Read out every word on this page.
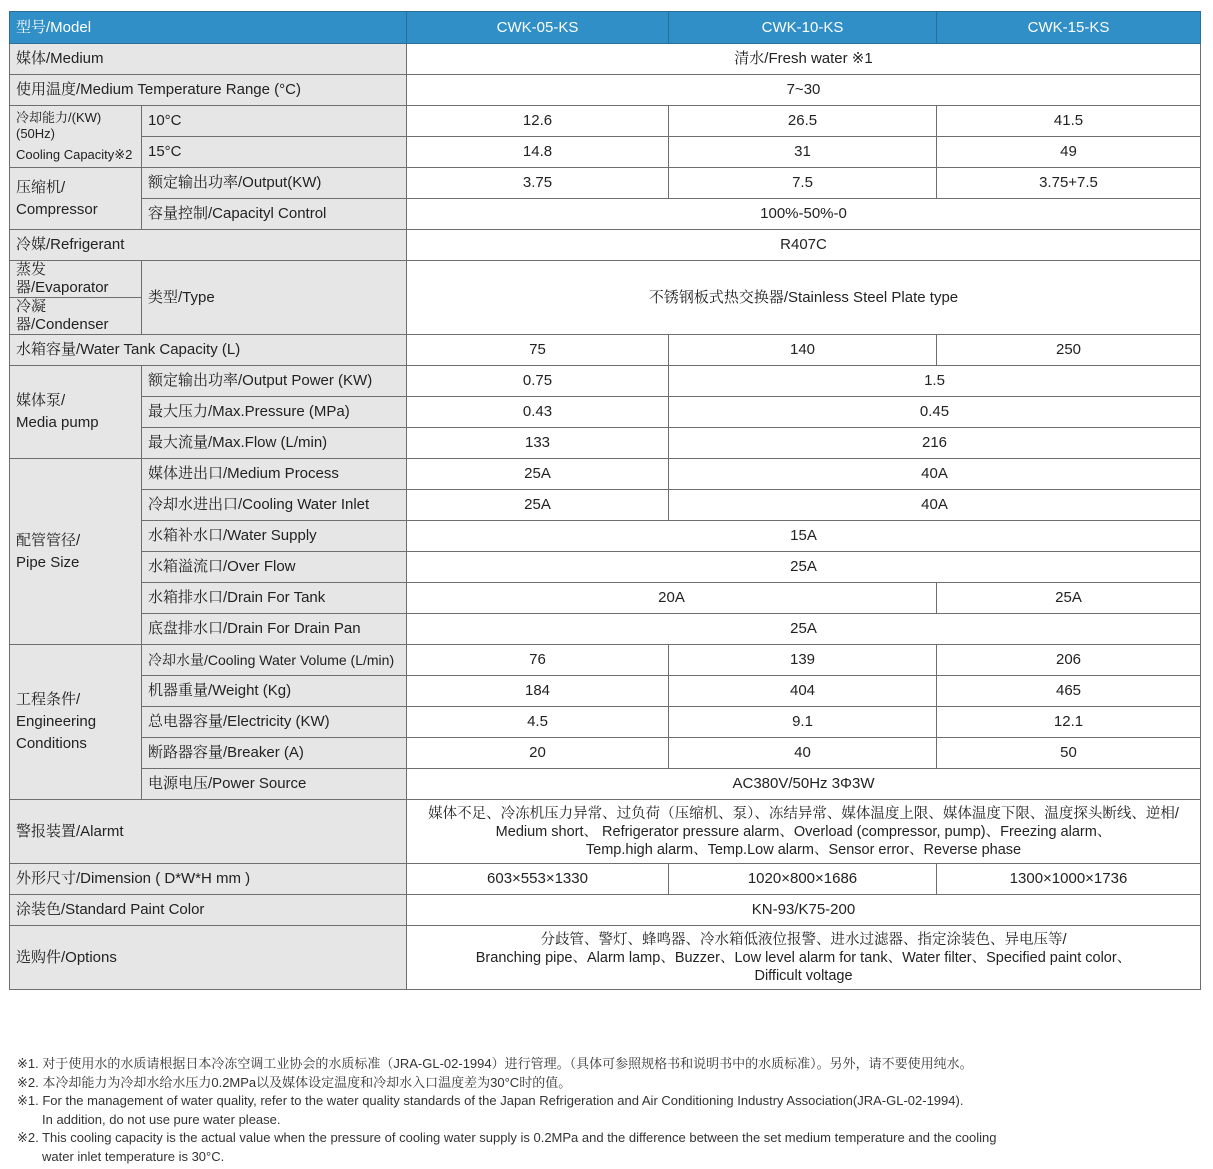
型号/Model		CWK-05-KS	CWK-10-KS	CWK-15-KS
媒体/Medium		清水/Fresh water ※1		
使用温度/Medium Temperature Range (°C)		7~30		

冷却能力/(KW)(50Hz)
Cooling Capacity※2	10°C	12.6	26.5	41.5
	15°C	14.8	31	49

压缩机/
Compressor	额定输出功率/Output(KW)	3.75	7.5	3.75+7.5
	容量控制/Capacityl Control	100%-50%-0		
冷媒/Refrigerant		R407C		
蒸发器/Evaporator	类型/Type	不锈钢板式热交换器/Stainless Steel Plate type		
冷凝器/Condenser				
水箱容量/Water Tank Capacity (L)		75	140	250

媒体泵/
Media pump	额定输出功率/Output Power (KW)	0.75	1.5	
	最大压力/Max.Pressure (MPa)	0.43	0.45	
	最大流量/Max.Flow (L/min)	133	216	

配管管径/
Pipe Size	媒体进出口/Medium Process	25A	40A	
	冷却水进出口/Cooling Water Inlet	25A	40A	
	水箱补水口/Water Supply	15A		
	水箱溢流口/Over Flow	25A		
	水箱排水口/Drain For Tank	20A		25A
	底盘排水口/Drain For Drain Pan	25A		

工程条件/
Engineering
Conditions	冷却水量/Cooling Water Volume (L/min)	76	139	206
	机器重量/Weight (Kg)	184	404	465
	总电器容量/Electricity (KW)	4.5	9.1	12.1
	断路器容量/Breaker (A)	20	40	50
	电源电压/Power Source	AC380V/50Hz 3Φ3W		
警报装置/Alarmt		媒体不足、冷冻机压力异常、过负荷（压缩机、泵）、冻结异常、媒体温度上限、媒体温度下限、温度探头断线、逆相/
Medium short、 Refrigerator pressure alarm、Overload (compressor, pump)、Freezing alarm、
Temp.high alarm、Temp.Low alarm、Sensor error、Reverse phase		

外形尺寸/Dimension ( D*W*H mm )		603×553×1330	1020×800×1686	1300×1000×1736
涂装色/Standard Paint Color		KN-93/K75-200		
选购件/Options		分歧管、警灯、蜂鸣器、冷水箱低液位报警、进水过滤器、指定涂装色、异电压等/
Branching pipe、Alarm lamp、Buzzer、Low level alarm for tank、Water filter、Specified paint color、
Difficult voltage		
※1. 对于使用水的水质请根据日本冷冻空调工业协会的水质标准（JRA-GL-02-1994）进行管理。（具体可参照规格书和说明书中的水质标准）。另外，请不要使用纯水。
※2. 本冷却能力为冷却水给水压力0.2MPa以及媒体设定温度和冷却水入口温度差为30°C时的值。
※1. For the management of water quality, refer to the water quality standards of the Japan Refrigeration and Air Conditioning Industry Association(JRA-GL-02-1994).
In addition, do not use pure water please.
※2. This cooling capacity is the actual value when the pressure of cooling water supply is 0.2MPa and the difference between the set medium temperature and the cooling
water inlet temperature is 30°C.
